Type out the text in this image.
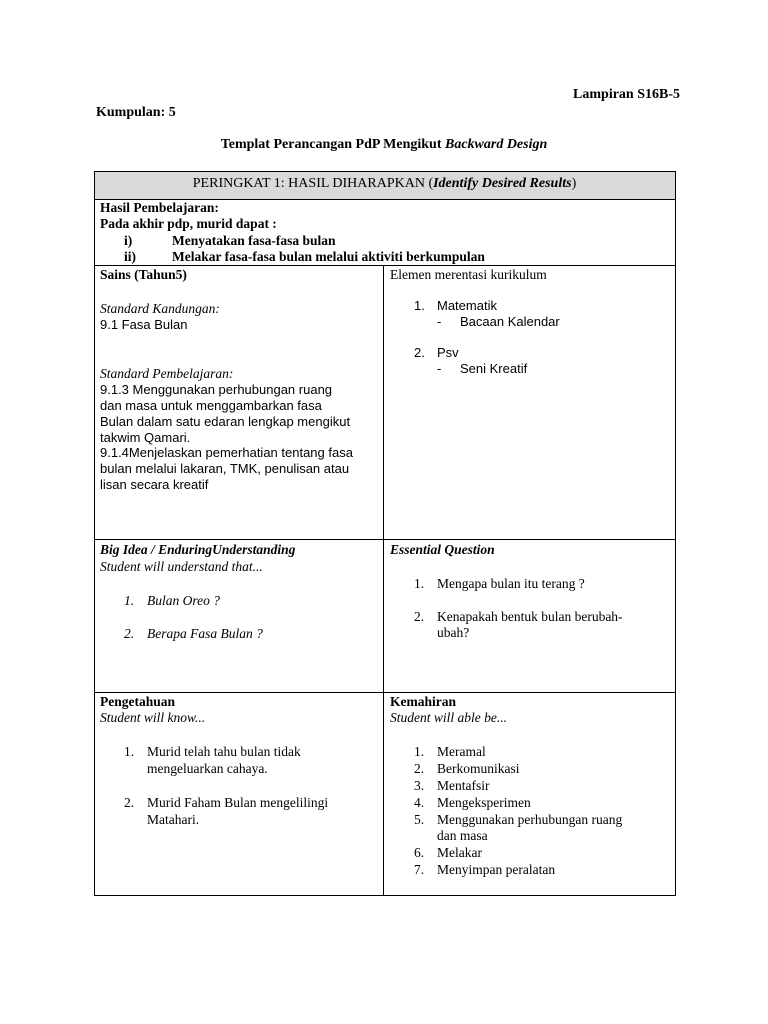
Lampiran S16B-5
Kumpulan: 5
Templat Perancangan PdP Mengikut Backward Design
PERINGKAT 1: HASIL DIHARAPKAN (Identify Desired Results)
Hasil Pembelajaran:
Pada akhir pdp, murid dapat :
i)	Menyatakan fasa-fasa bulan
ii)	Melakar fasa-fasa bulan melalui aktiviti berkumpulan
Sains (Tahun5)
Standard Kandungan:
9.1 Fasa Bulan
Standard Pembelajaran:
9.1.3 Menggunakan perhubungan ruang
dan masa untuk menggambarkan fasa
Bulan dalam satu edaran lengkap mengikut
takwim Qamari.
9.1.4Menjelaskan pemerhatian tentang fasa
bulan melalui lakaran, TMK, penulisan atau
lisan secara kreatif
Elemen merentasi kurikulum
1. Matematik
- Bacaan Kalendar
2. Psv
- Seni Kreatif
Big Idea / EnduringUnderstanding
Student will understand that...
1. Bulan Oreo ?
2. Berapa Fasa Bulan ?
Essential Question
1. Mengapa bulan itu terang ?
2. Kenapakah bentuk bulan berubah-
ubah?
Pengetahuan
Student will know...
1. Murid telah tahu bulan tidak
mengeluarkan cahaya.
2. Murid Faham Bulan mengelilingi
Matahari.
Kemahiran
Student will able be...
1. Meramal
2. Berkomunikasi
3. Mentafsir
4. Mengeksperimen
5. Menggunakan perhubungan ruang
dan masa
6. Melakar
7. Menyimpan peralatan
